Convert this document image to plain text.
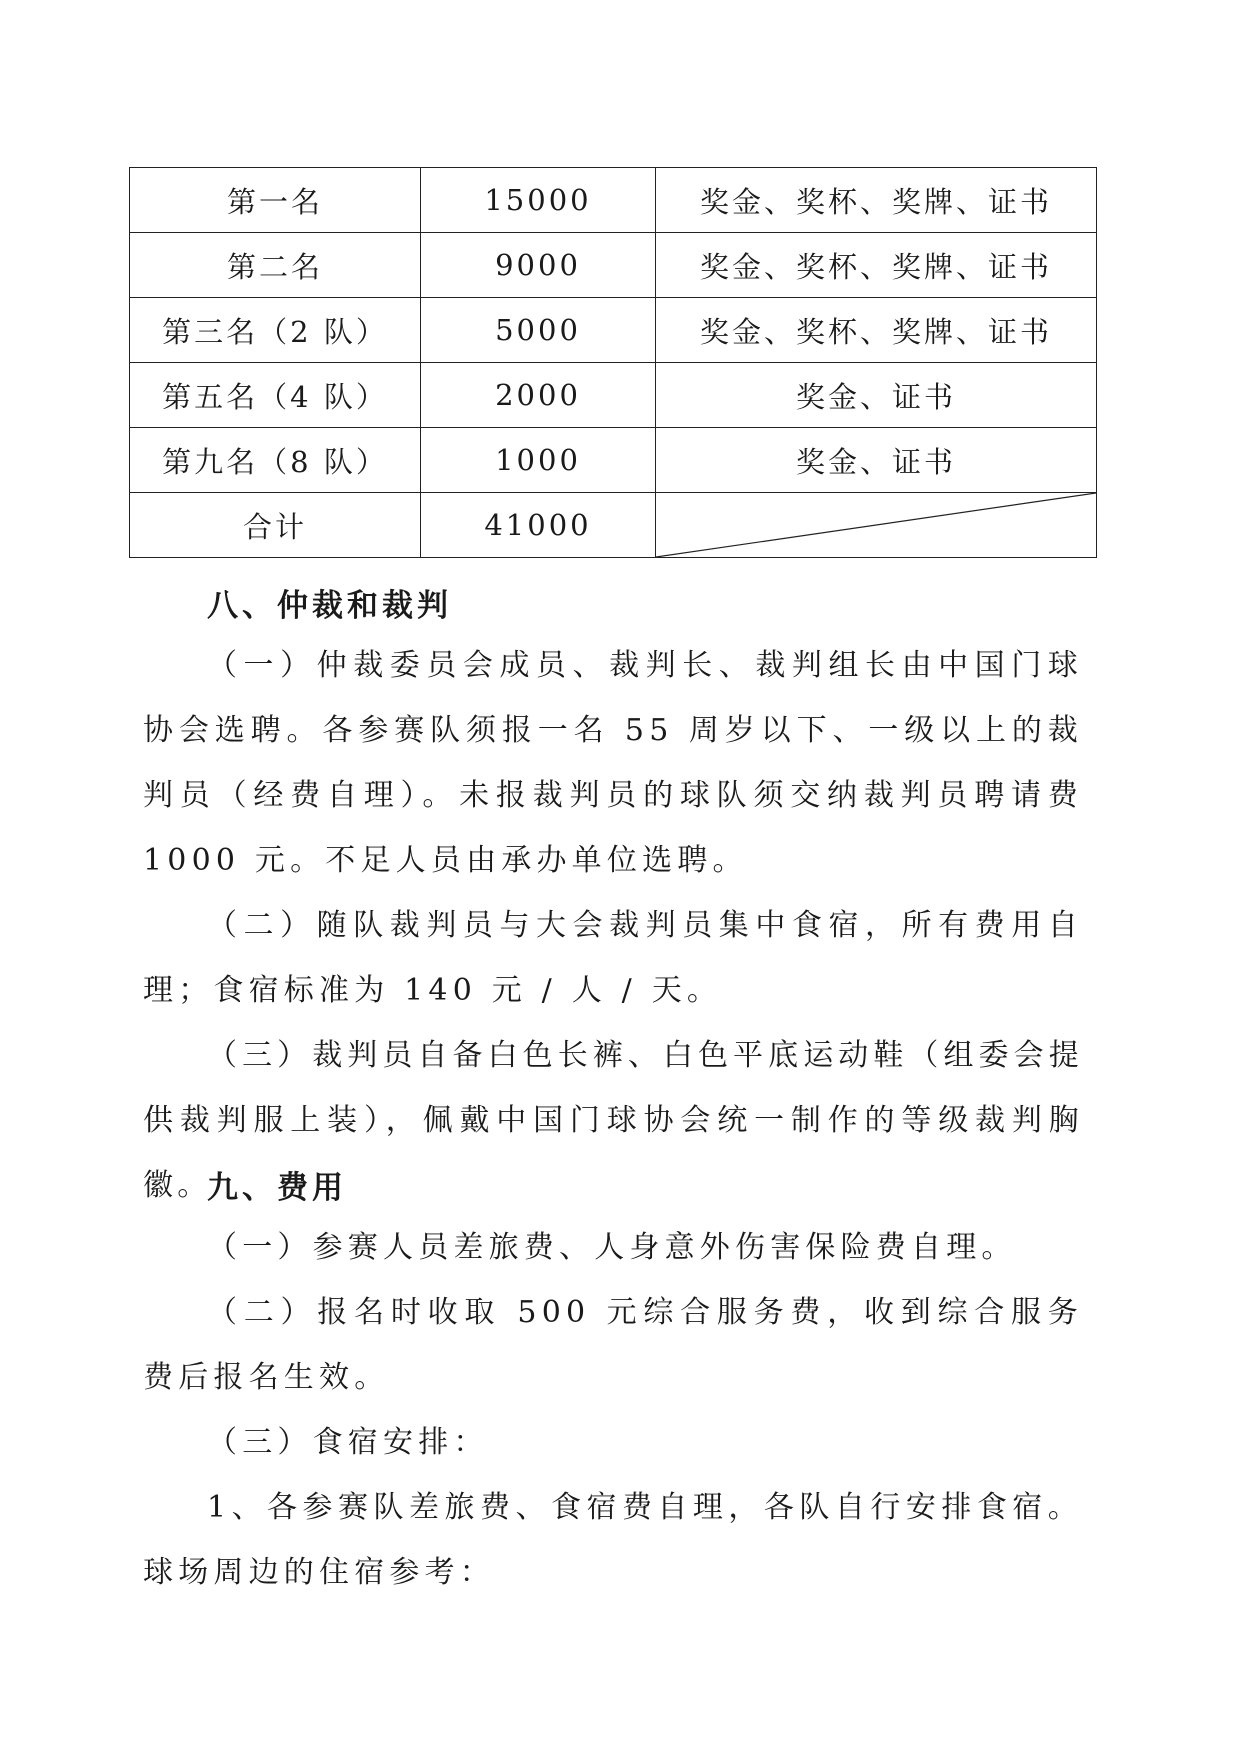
第一名	15000	奖金、奖杯、奖牌、证书
第二名	9000	奖金、奖杯、奖牌、证书
第三名（2 队）	5000	奖金、奖杯、奖牌、证书
第五名（4 队）	2000	奖金、证书
第九名（8 队）	1000	奖金、证书
合计	41000	
八、仲裁和裁判
（一）仲裁委员会成员、裁判长、裁判组长由中国门球协会选聘。各参赛队须报一名 55 周岁以下、一级以上的裁判员（经费自理）。未报裁判员的球队须交纳裁判员聘请费 1000 元。不足人员由承办单位选聘。
（二）随队裁判员与大会裁判员集中食宿，所有费用自理；食宿标准为 140 元 / 人 / 天。
（三）裁判员自备白色长裤、白色平底运动鞋（组委会提供裁判服上装），佩戴中国门球协会统一制作的等级裁判胸徽。
九、费用
（一）参赛人员差旅费、人身意外伤害保险费自理。
（二）报名时收取 500 元综合服务费，收到综合服务费后报名生效。
（三）食宿安排：
1、各参赛队差旅费、食宿费自理，各队自行安排食宿。球场周边的住宿参考：
